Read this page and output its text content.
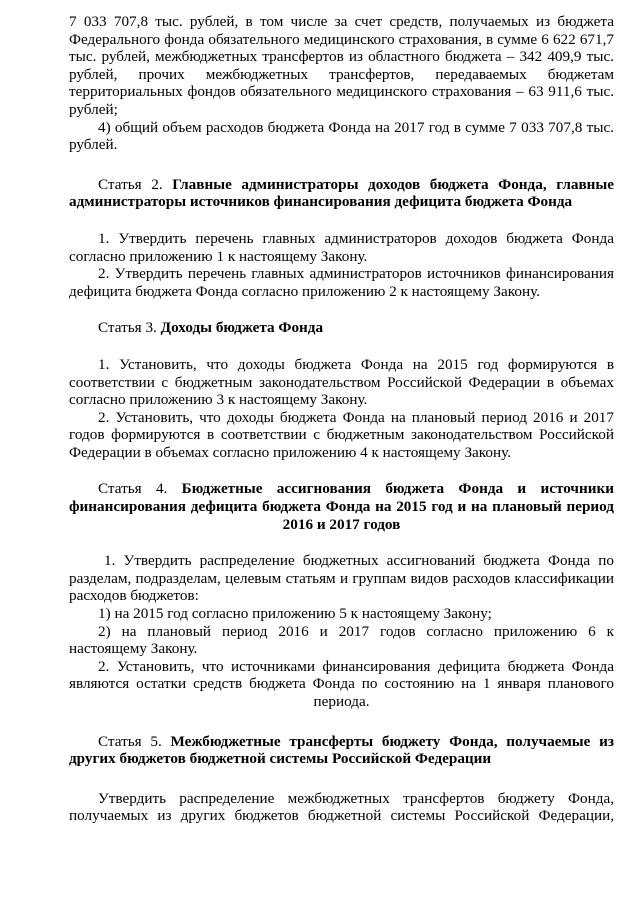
7 033 707,8 тыс. рублей, в том числе за счет средств, получаемых из бюджета Федерального фонда обязательного медицинского страхования, в сумме 6 622 671,7 тыс. рублей, межбюджетных трансфертов из областного бюджета – 342 409,9 тыс. рублей, прочих межбюджетных трансфертов, передаваемых бюджетам территориальных фондов обязательного медицинского страхования – 63 911,6 тыс. рублей;

4) общий объем расходов бюджета Фонда на 2017 год в сумме 7 033 707,8 тыс. рублей.

Статья 2. Главные администраторы доходов бюджета Фонда, главные администраторы источников финансирования дефицита бюджета Фонда

1. Утвердить перечень главных администраторов доходов бюджета Фонда согласно приложению 1 к настоящему Закону.

2. Утвердить перечень главных администраторов источников финансирования дефицита бюджета Фонда согласно приложению 2 к настоящему Закону.

Статья 3. Доходы бюджета Фонда

1. Установить, что доходы бюджета Фонда на 2015 год формируются в соответствии с бюджетным законодательством Российской Федерации в объемах согласно приложению 3 к настоящему Закону.

2. Установить, что доходы бюджета Фонда на плановый период 2016 и 2017 годов формируются в соответствии с бюджетным законодательством Российской Федерации в объемах согласно приложению 4 к настоящему Закону.

Статья 4. Бюджетные ассигнования бюджета Фонда и источники финансирования дефицита бюджета Фонда на 2015 год и на плановый период 2016 и 2017 годов

1. Утвердить распределение бюджетных ассигнований бюджета Фонда по разделам, подразделам, целевым статьям и группам видов расходов классификации расходов бюджетов:

1) на 2015 год согласно приложению 5 к настоящему Закону;

2) на плановый период 2016 и 2017 годов согласно приложению 6 к настоящему Закону.

2. Установить, что источниками финансирования дефицита бюджета Фонда являются остатки средств бюджета Фонда по состоянию на 1 января планового периода.

Статья 5. Межбюджетные трансферты бюджету Фонда, получаемые из других бюджетов бюджетной системы Российской Федерации

Утвердить распределение межбюджетных трансфертов бюджету Фонда, получаемых из других бюджетов бюджетной системы Российской Федерации,
